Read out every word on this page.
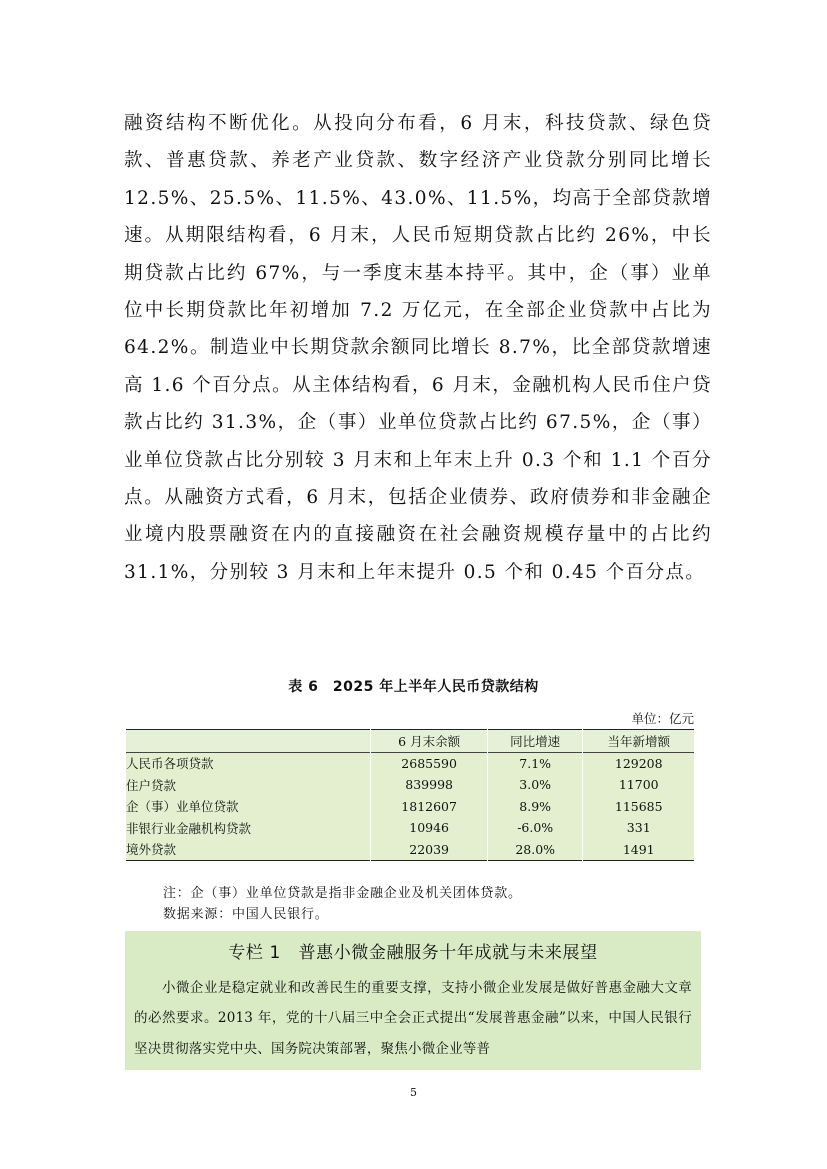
融资结构不断优化。从投向分布看，6 月末，科技贷款、绿色贷款、普惠贷款、养老产业贷款、数字经济产业贷款分别同比增长 12.5%、25.5%、11.5%、43.0%、11.5%，均高于全部贷款增速。从期限结构看，6 月末，人民币短期贷款占比约 26%，中长期贷款占比约 67%，与一季度末基本持平。其中，企（事）业单位中长期贷款比年初增加 7.2 万亿元，在全部企业贷款中占比为 64.2%。制造业中长期贷款余额同比增长 8.7%，比全部贷款增速高 1.6 个百分点。从主体结构看，6 月末，金融机构人民币住户贷款占比约 31.3%，企（事）业单位贷款占比约 67.5%，企（事）业单位贷款占比分别较 3 月末和上年末上升 0.3 个和 1.1 个百分点。从融资方式看，6 月末，包括企业债券、政府债券和非金融企业境内股票融资在内的直接融资在社会融资规模存量中的占比约 31.1%，分别较 3 月末和上年末提升 0.5 个和 0.45 个百分点。

表 6　2025 年上半年人民币贷款结构
单位：亿元
	6 月末余额	同比增速	当年新增额
人民币各项贷款	2685590	7.1%	129208
住户贷款	839998	3.0%	11700
企（事）业单位贷款	1812607	8.9%	115685
非银行业金融机构贷款	10946	-6.0%	331
境外贷款	22039	28.0%	1491
注：企（事）业单位贷款是指非金融企业及机关团体贷款。
数据来源：中国人民银行。
专栏 1　普惠小微金融服务十年成就与未来展望

小微企业是稳定就业和改善民生的重要支撑，支持小微企业发展是做好普惠金融大文章的必然要求。2013 年，党的十八届三中全会正式提出“发展普惠金融”以来，中国人民银行坚决贯彻落实党中央、国务院决策部署，聚焦小微企业等普

5
